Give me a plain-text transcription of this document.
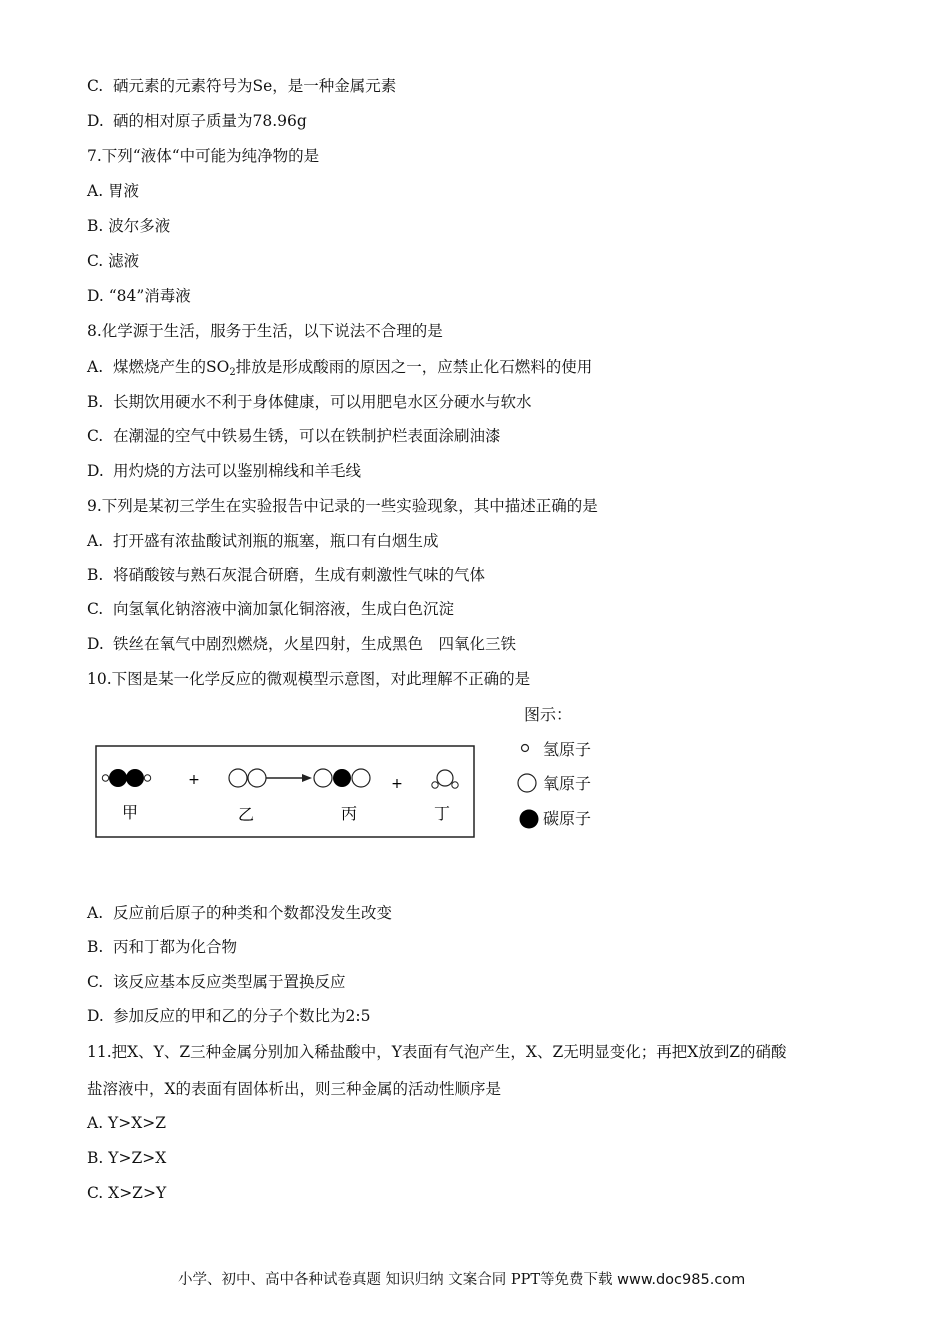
C. 硒元素的元素符号为Se，是一种金属元素
D. 硒的相对原子质量为78.96g
7.下列“液体“中可能为纯净物的是
A. 胃液
B. 波尔多液
C. 滤液
D. “84”消毒液
8.化学源于生活，服务于生活，以下说法不合理的是
A. 煤燃烧产生的$SO_2$排放是形成酸雨的原因之一，应禁止化石燃料的使用
B. 长期饮用硬水不利于身体健康，可以用肥皂水区分硬水与软水
C. 在潮湿的空气中铁易生锈，可以在铁制护栏表面涂刷油漆
D. 用灼烧的方法可以鉴别棉线和羊毛线
9.下列是某初三学生在实验报告中记录的一些实验现象，其中描述正确的是
A. 打开盛有浓盐酸试剂瓶的瓶塞，瓶口有白烟生成
B. 将硝酸铵与熟石灰混合研磨，生成有刺激性气味的气体
C. 向氢氧化钠溶液中滴加氯化铜溶液，生成白色沉淀
D. 铁丝在氧气中剧烈燃烧，火星四射，生成黑色　四氧化三铁
10.下图是某一化学反应的微观模型示意图，对此理解不正确的是
+	+
甲	乙	丙	丁
图示：
氢原子
氧原子
碳原子
A. 反应前后原子的种类和个数都没发生改变
B. 丙和丁都为化合物
C. 该反应基本反应类型属于置换反应
D. 参加反应的甲和乙的分子个数比为2:5
11.把X、Y、Z三种金属分别加入稀盐酸中，Y表面有气泡产生，X、Z无明显变化；再把X放到Z的硝酸
盐溶液中，X的表面有固体析出，则三种金属的活动性顺序是
A. Y>X>Z
B. Y>Z>X
C. X>Z>Y
小学、初中、高中各种试卷真题 知识归纳 文案合同 PPT等免费下载 www.doc985.com
